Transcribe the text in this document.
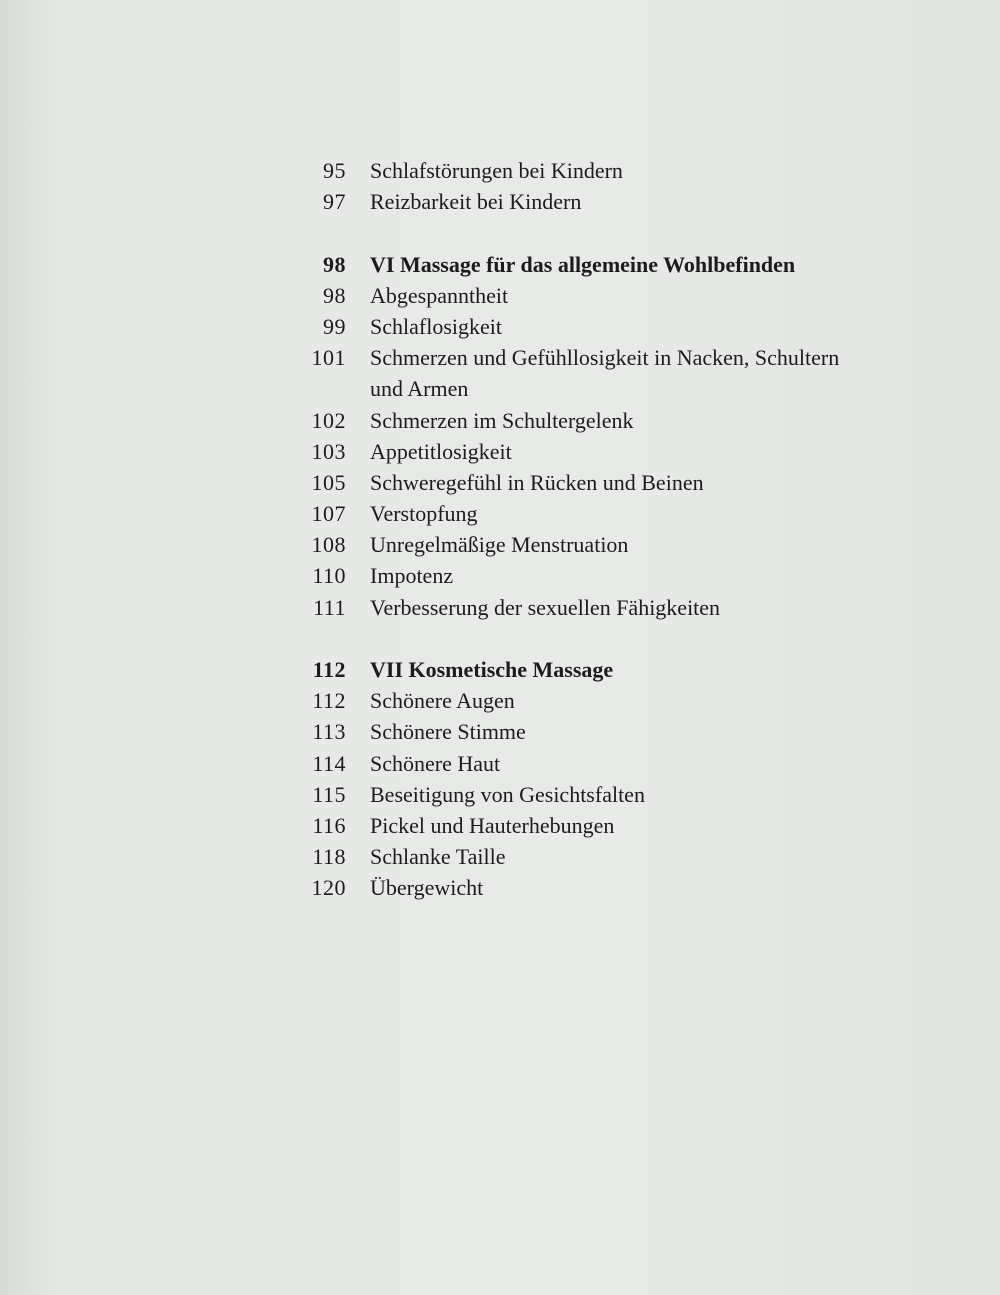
95 Schlafstörungen bei Kindern
97 Reizbarkeit bei Kindern
98 VI Massage für das allgemeine Wohlbefinden
98 Abgespanntheit
99 Schlaflosigkeit
101 Schmerzen und Gefühllosigkeit in Nacken, Schultern
und Armen
102 Schmerzen im Schultergelenk
103 Appetitlosigkeit
105 Schweregefühl in Rücken und Beinen
107 Verstopfung
108 Unregelmäßige Menstruation
110 Impotenz
111 Verbesserung der sexuellen Fähigkeiten
112 VII Kosmetische Massage
112 Schönere Augen
113 Schönere Stimme
114 Schönere Haut
115 Beseitigung von Gesichtsfalten
116 Pickel und Hauterhebungen
118 Schlanke Taille
120 Übergewicht
